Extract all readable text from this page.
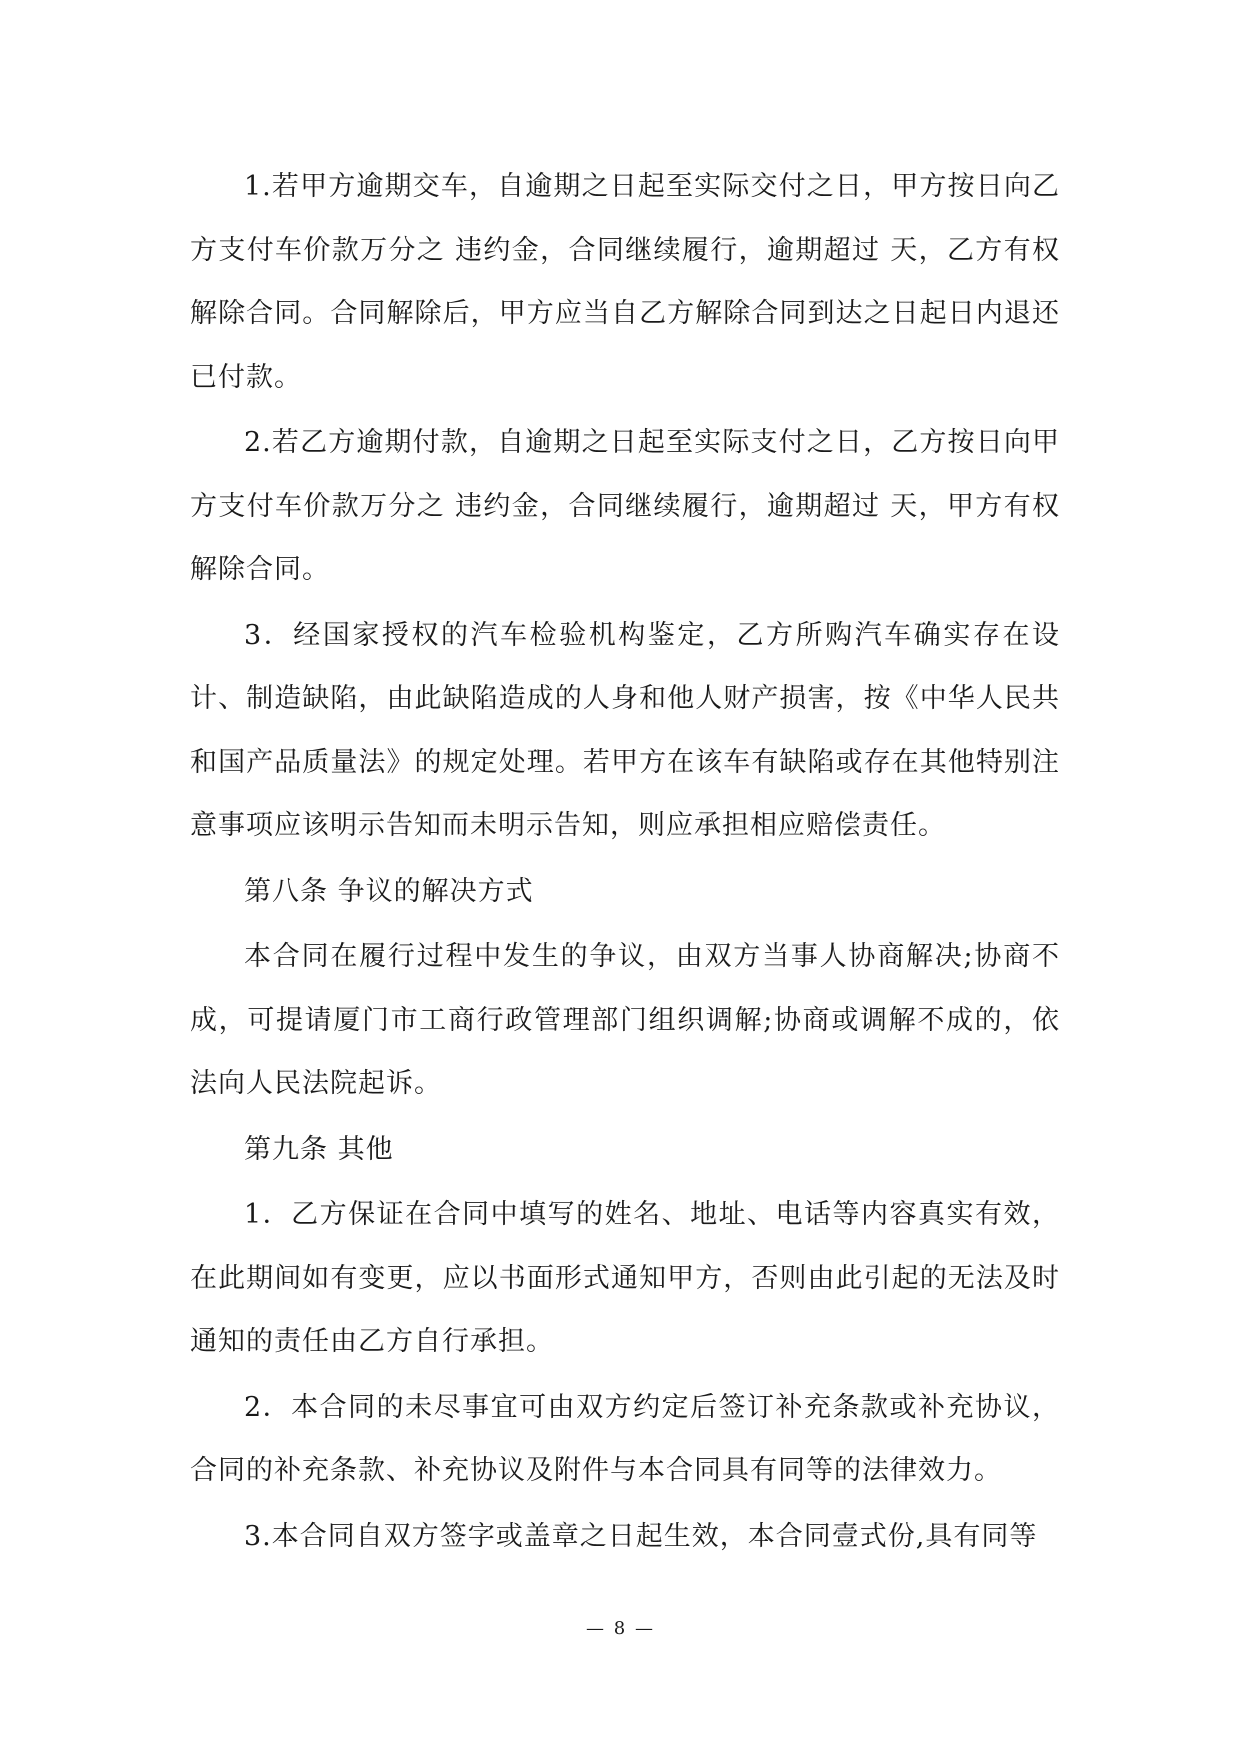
1.若甲方逾期交车，自逾期之日起至实际交付之日，甲方按日向乙方支付车价款万分之 违约金，合同继续履行，逾期超过 天，乙方有权解除合同。合同解除后，甲方应当自乙方解除合同到达之日起日内退还已付款。

2.若乙方逾期付款，自逾期之日起至实际支付之日，乙方按日向甲方支付车价款万分之 违约金，合同继续履行，逾期超过 天，甲方有权解除合同。

3．经国家授权的汽车检验机构鉴定，乙方所购汽车确实存在设计、制造缺陷，由此缺陷造成的人身和他人财产损害，按《中华人民共和国产品质量法》的规定处理。若甲方在该车有缺陷或存在其他特别注意事项应该明示告知而未明示告知，则应承担相应赔偿责任。

第八条 争议的解决方式

本合同在履行过程中发生的争议，由双方当事人协商解决;协商不成，可提请厦门市工商行政管理部门组织调解;协商或调解不成的，依法向人民法院起诉。

第九条 其他

1．乙方保证在合同中填写的姓名、地址、电话等内容真实有效，在此期间如有变更，应以书面形式通知甲方，否则由此引起的无法及时通知的责任由乙方自行承担。

2．本合同的未尽事宜可由双方约定后签订补充条款或补充协议，合同的补充条款、补充协议及附件与本合同具有同等的法律效力。

3.本合同自双方签字或盖章之日起生效，本合同壹式份,具有同等

— 8 —
